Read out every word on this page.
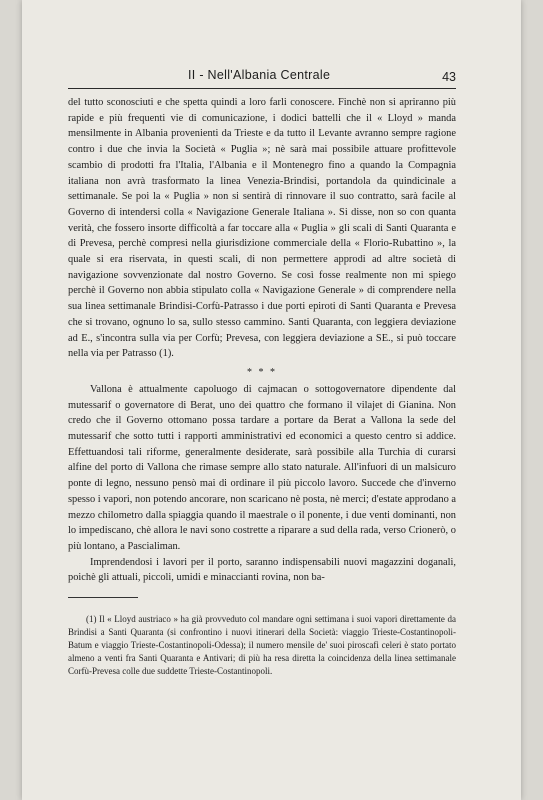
II - Nell'Albania Centrale	43

del tutto sconosciuti e che spetta quindi a loro farli conoscere. Finchè non si apriranno più rapide e più frequenti vie di comunicazione, i dodici battelli che il « Lloyd » manda mensilmente in Albania provenienti da Trieste e da tutto il Levante avranno sempre ragione contro i due che invia la Società « Puglia »; nè sarà mai possibile attuare profittevole scambio di prodotti fra l'Italia, l'Albania e il Montenegro fino a quando la Compagnia italiana non avrà trasformato la linea Venezia-Brindisi, portandola da quindicinale a settimanale. Se poi la « Puglia » non si sentirà di rinnovare il suo contratto, sarà facile al Governo di intendersi colla « Navigazione Generale Italiana ». Si disse, non so con quanta verità, che fossero insorte difficoltà a far toccare alla « Puglia » gli scali di Santi Quaranta e di Prevesa, perchè compresi nella giurisdizione commerciale della « Florio-Rubattino », la quale si era riservata, in questi scali, di non permettere approdi ad altre società di navigazione sovvenzionate dal nostro Governo. Se così fosse realmente non mi spiego perchè il Governo non abbia stipulato colla « Navigazione Generale » di comprendere nella sua linea settimanale Brindisi-Corfù-Patrasso i due porti epiroti di Santi Quaranta e Prevesa che si trovano, ognuno lo sa, sullo stesso cammino. Santi Quaranta, con leggiera deviazione ad E., s'incontra sulla via per Corfù; Prevesa, con leggiera deviazione a SE., si può toccare nella via per Patrasso (1).

* * *

Vallona è attualmente capoluogo di cajmacan o sottogovernatore dipendente dal mutessarif o governatore di Berat, uno dei quattro che formano il vilajet di Gianina. Non credo che il Governo ottomano possa tardare a portare da Berat a Vallona la sede del mutessarif che sotto tutti i rapporti amministrativi ed economici a questo centro si addice. Effettuandosi tali riforme, generalmente desiderate, sarà possibile alla Turchia di curarsi alfine del porto di Vallona che rimase sempre allo stato naturale. All'infuori di un malsicuro ponte di legno, nessuno pensò mai di ordinare il più piccolo lavoro. Succede che d'inverno spesso i vapori, non potendo ancorare, non scaricano nè posta, nè merci; d'estate approdano a mezzo chilometro dalla spiaggia quando il maestrale o il ponente, i due venti dominanti, non lo impediscano, chè allora le navi sono costrette a riparare a sud della rada, verso Crionerò, o più lontano, a Pascialiman.

Imprendendosi i lavori per il porto, saranno indispensabili nuovi magazzini doganali, poichè gli attuali, piccoli, umidi e minaccianti rovina, non ba-

(1) Il « Lloyd austriaco » ha già provveduto col mandare ogni settimana i suoi vapori direttamente da Brindisi a Santi Quaranta (si confrontino i nuovi itinerari della Società: viaggio Trieste-Costantinopoli-Batum e viaggio Trieste-Costantinopoli-Odessa); il numero mensile de' suoi piroscafi celeri è stato portato almeno a venti fra Santi Quaranta e Antivari; di più ha resa diretta la coincidenza della linea settimanale Corfù-Prevesa colle due suddette Trieste-Costantinopoli.
